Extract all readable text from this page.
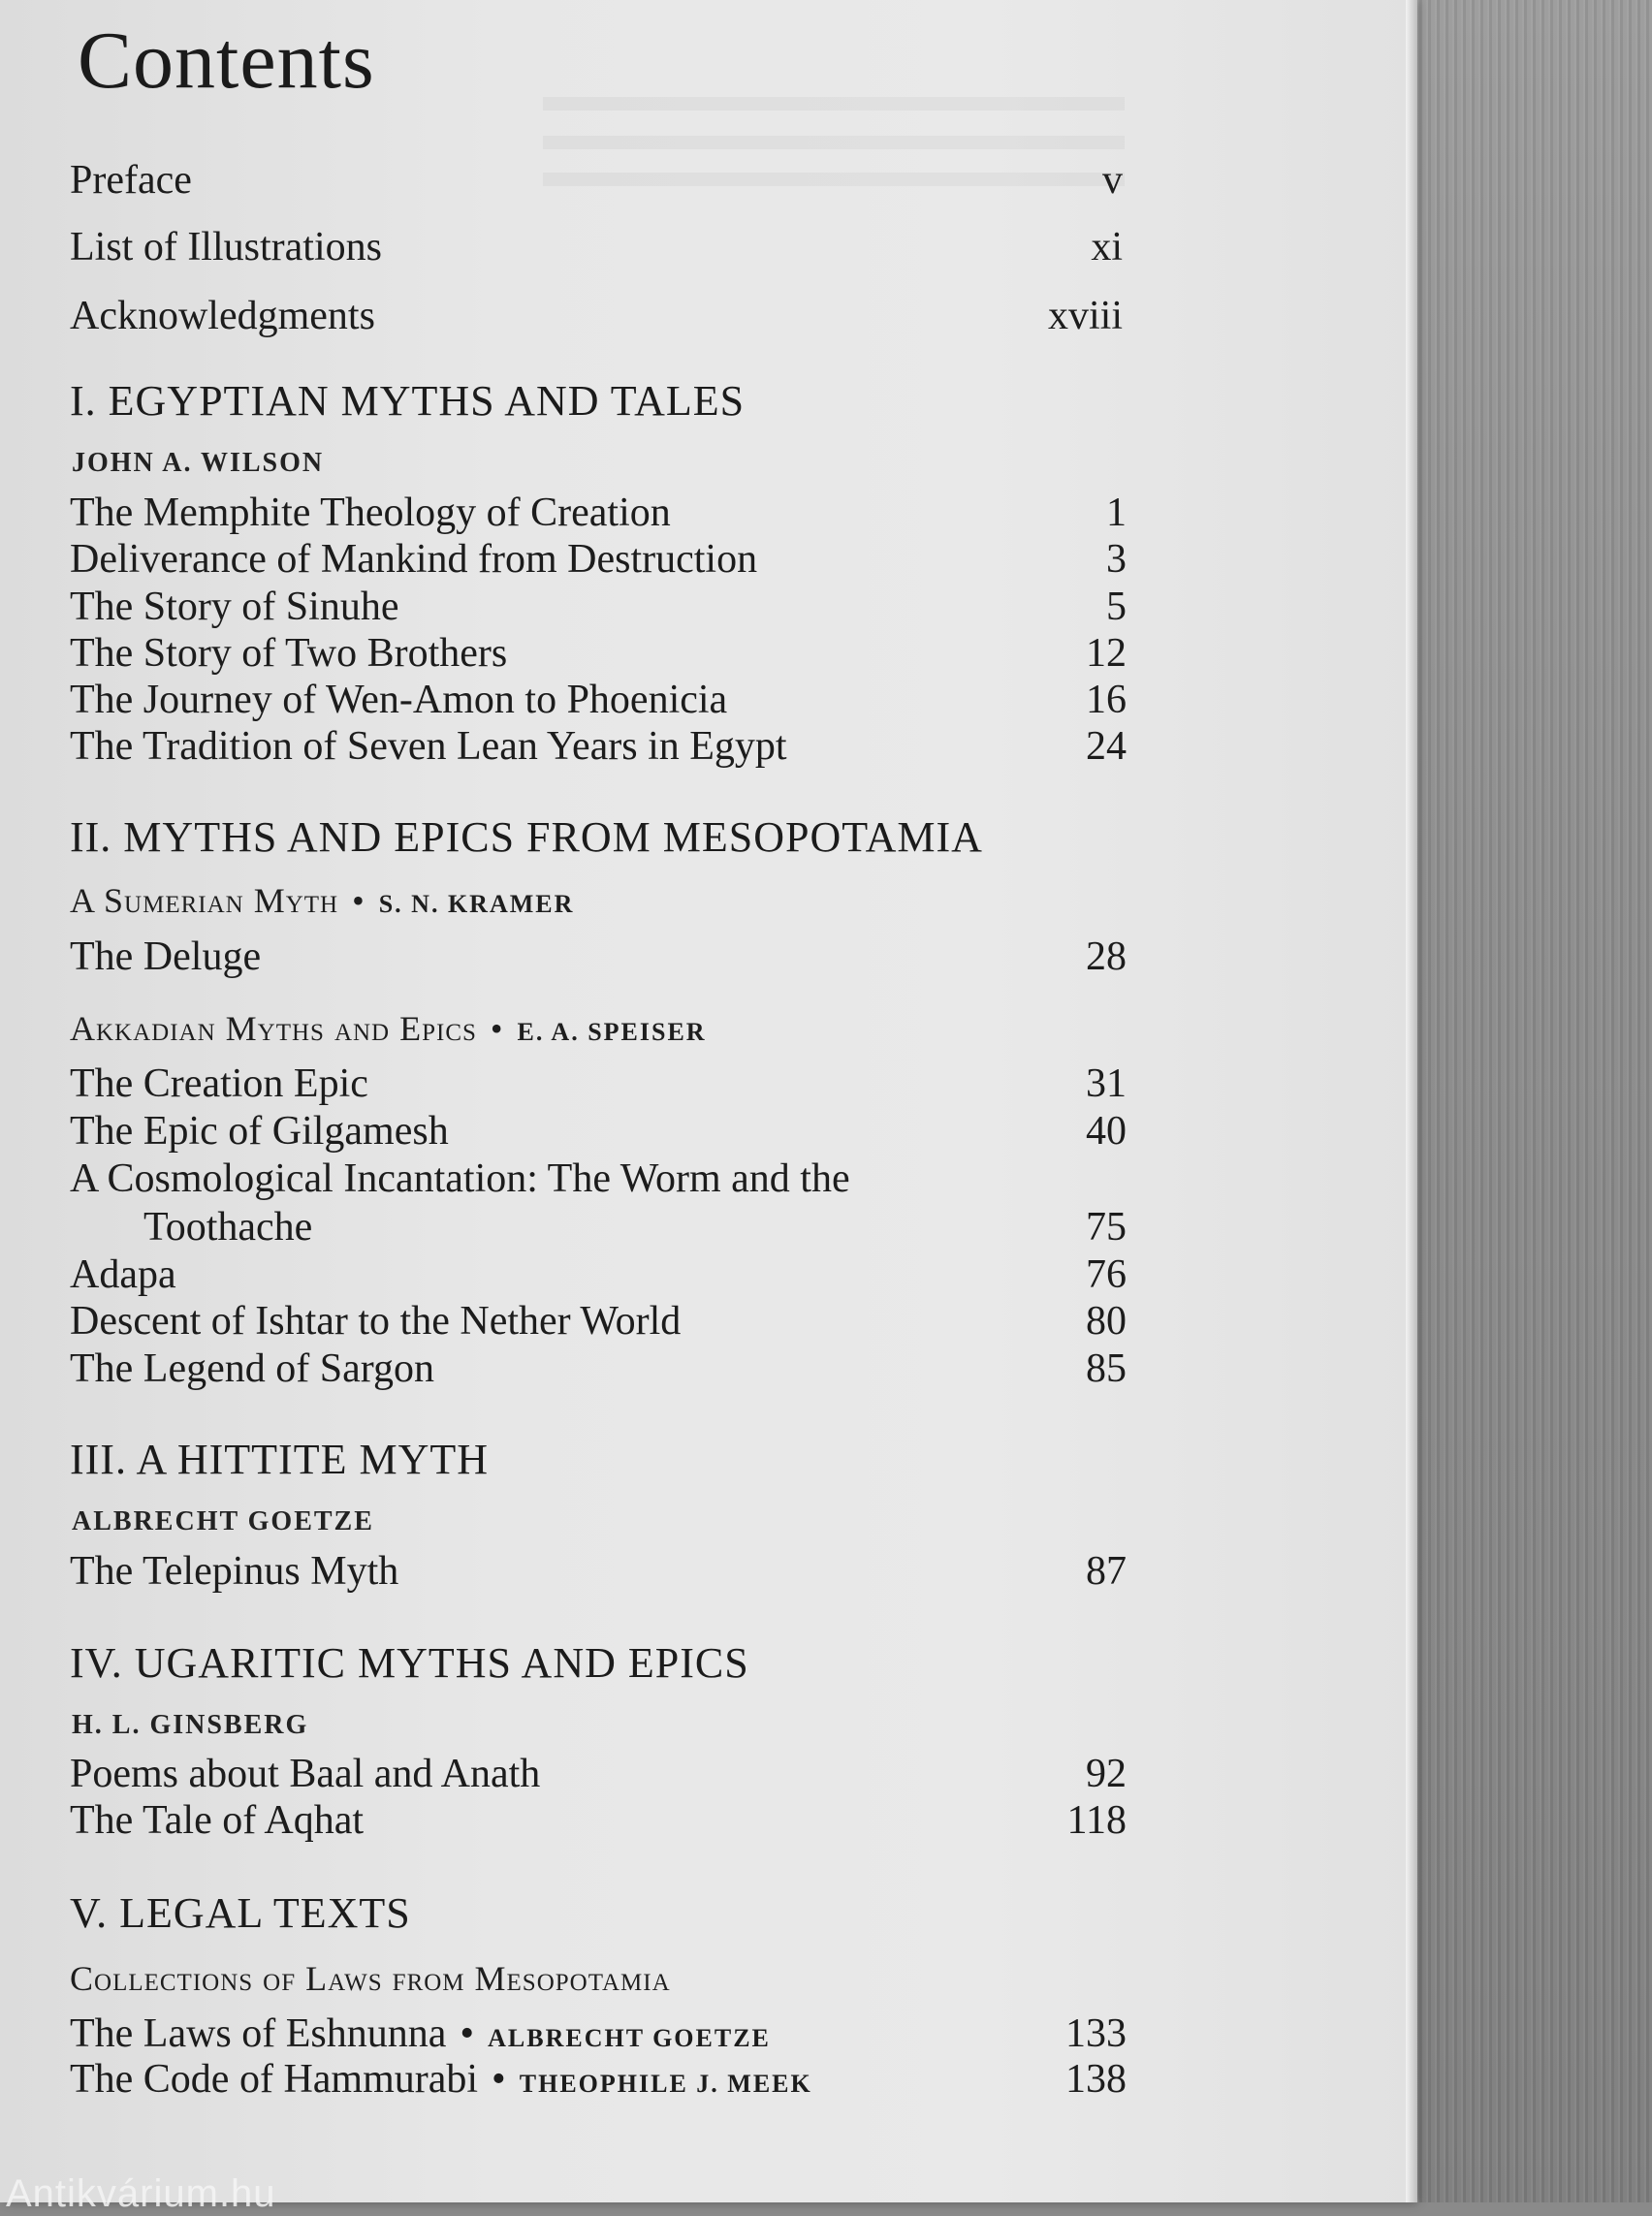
Contents
Preface	v
List of Illustrations	xi
Acknowledgments	xviii
I. EGYPTIAN MYTHS AND TALES
JOHN A. WILSON
The Memphite Theology of Creation	1
Deliverance of Mankind from Destruction	3
The Story of Sinuhe	5
The Story of Two Brothers	12
The Journey of Wen-Amon to Phoenicia	16
The Tradition of Seven Lean Years in Egypt	24
II. MYTHS AND EPICS FROM MESOPOTAMIA
A Sumerian Myth • S. N. KRAMER
The Deluge	28
Akkadian Myths and Epics • E. A. SPEISER
The Creation Epic	31
The Epic of Gilgamesh	40
A Cosmological Incantation: The Worm and the
Toothache	75
Adapa	76
Descent of Ishtar to the Nether World	80
The Legend of Sargon	85
III. A HITTITE MYTH
ALBRECHT GOETZE
The Telepinus Myth	87
IV. UGARITIC MYTHS AND EPICS
H. L. GINSBERG
Poems about Baal and Anath	92
The Tale of Aqhat	118
V. LEGAL TEXTS
Collections of Laws from Mesopotamia
The Laws of Eshnunna • ALBRECHT GOETZE	133
The Code of Hammurabi • THEOPHILE J. MEEK	138
Antikvárium.hu
